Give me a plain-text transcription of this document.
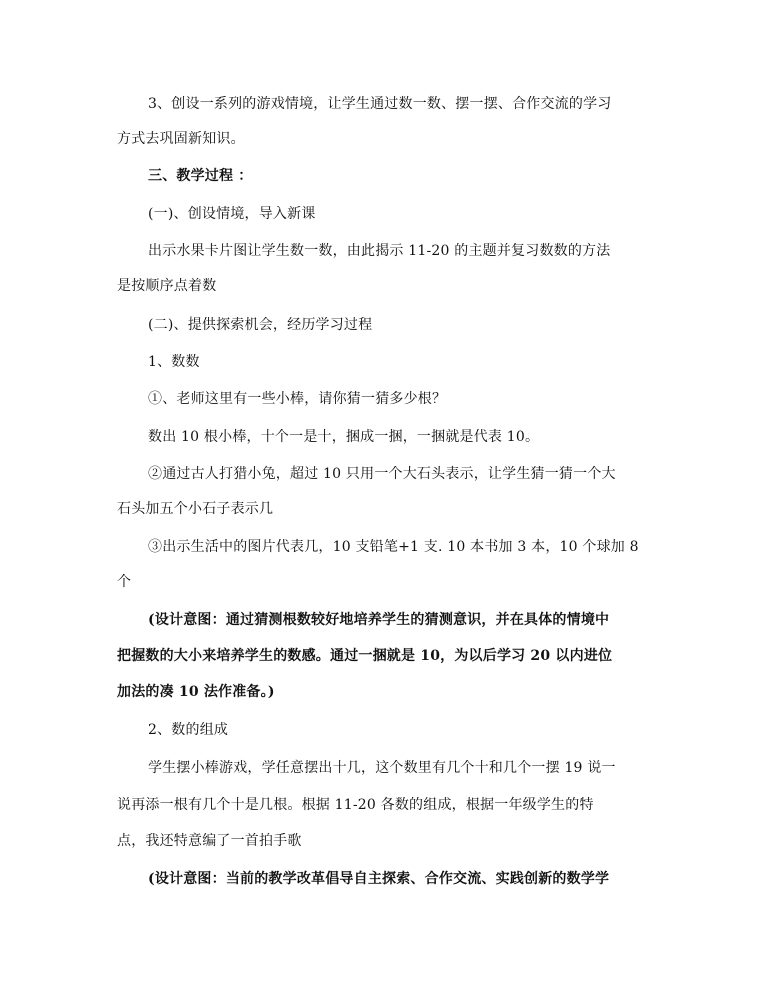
3、创设一系列的游戏情境，让学生通过数一数、摆一摆、合作交流的学习
方式去巩固新知识。
三、教学过程 ：
(一)、创设情境，导入新课
出示水果卡片图让学生数一数，由此揭示 11-20 的主题并复习数数的方法
是按顺序点着数
(二)、提供探索机会，经历学习过程
1、数数
①、老师这里有一些小棒，请你猜一猜多少根？
数出 10 根小棒，十个一是十，捆成一捆，一捆就是代表 10。
②通过古人打猎小兔，超过 10 只用一个大石头表示，让学生猜一猜一个大
石头加五个小石子表示几
③出示生活中的图片代表几，10 支铅笔+1 支. 10 本书加 3 本，10 个球加 8
个
(设计意图：通过猜测根数较好地培养学生的猜测意识，并在具体的情境中
把握数的大小来培养学生的数感。通过一捆就是 10，为以后学习 20 以内进位
加法的凑 10 法作准备。)
2、数的组成
学生摆小棒游戏，学任意摆出十几，这个数里有几个十和几个一摆 19 说一
说再添一根有几个十是几根。根据 11-20 各数的组成，根据一年级学生的特
点，我还特意编了一首拍手歌
(设计意图：当前的教学改革倡导自主探索、合作交流、实践创新的数学学
